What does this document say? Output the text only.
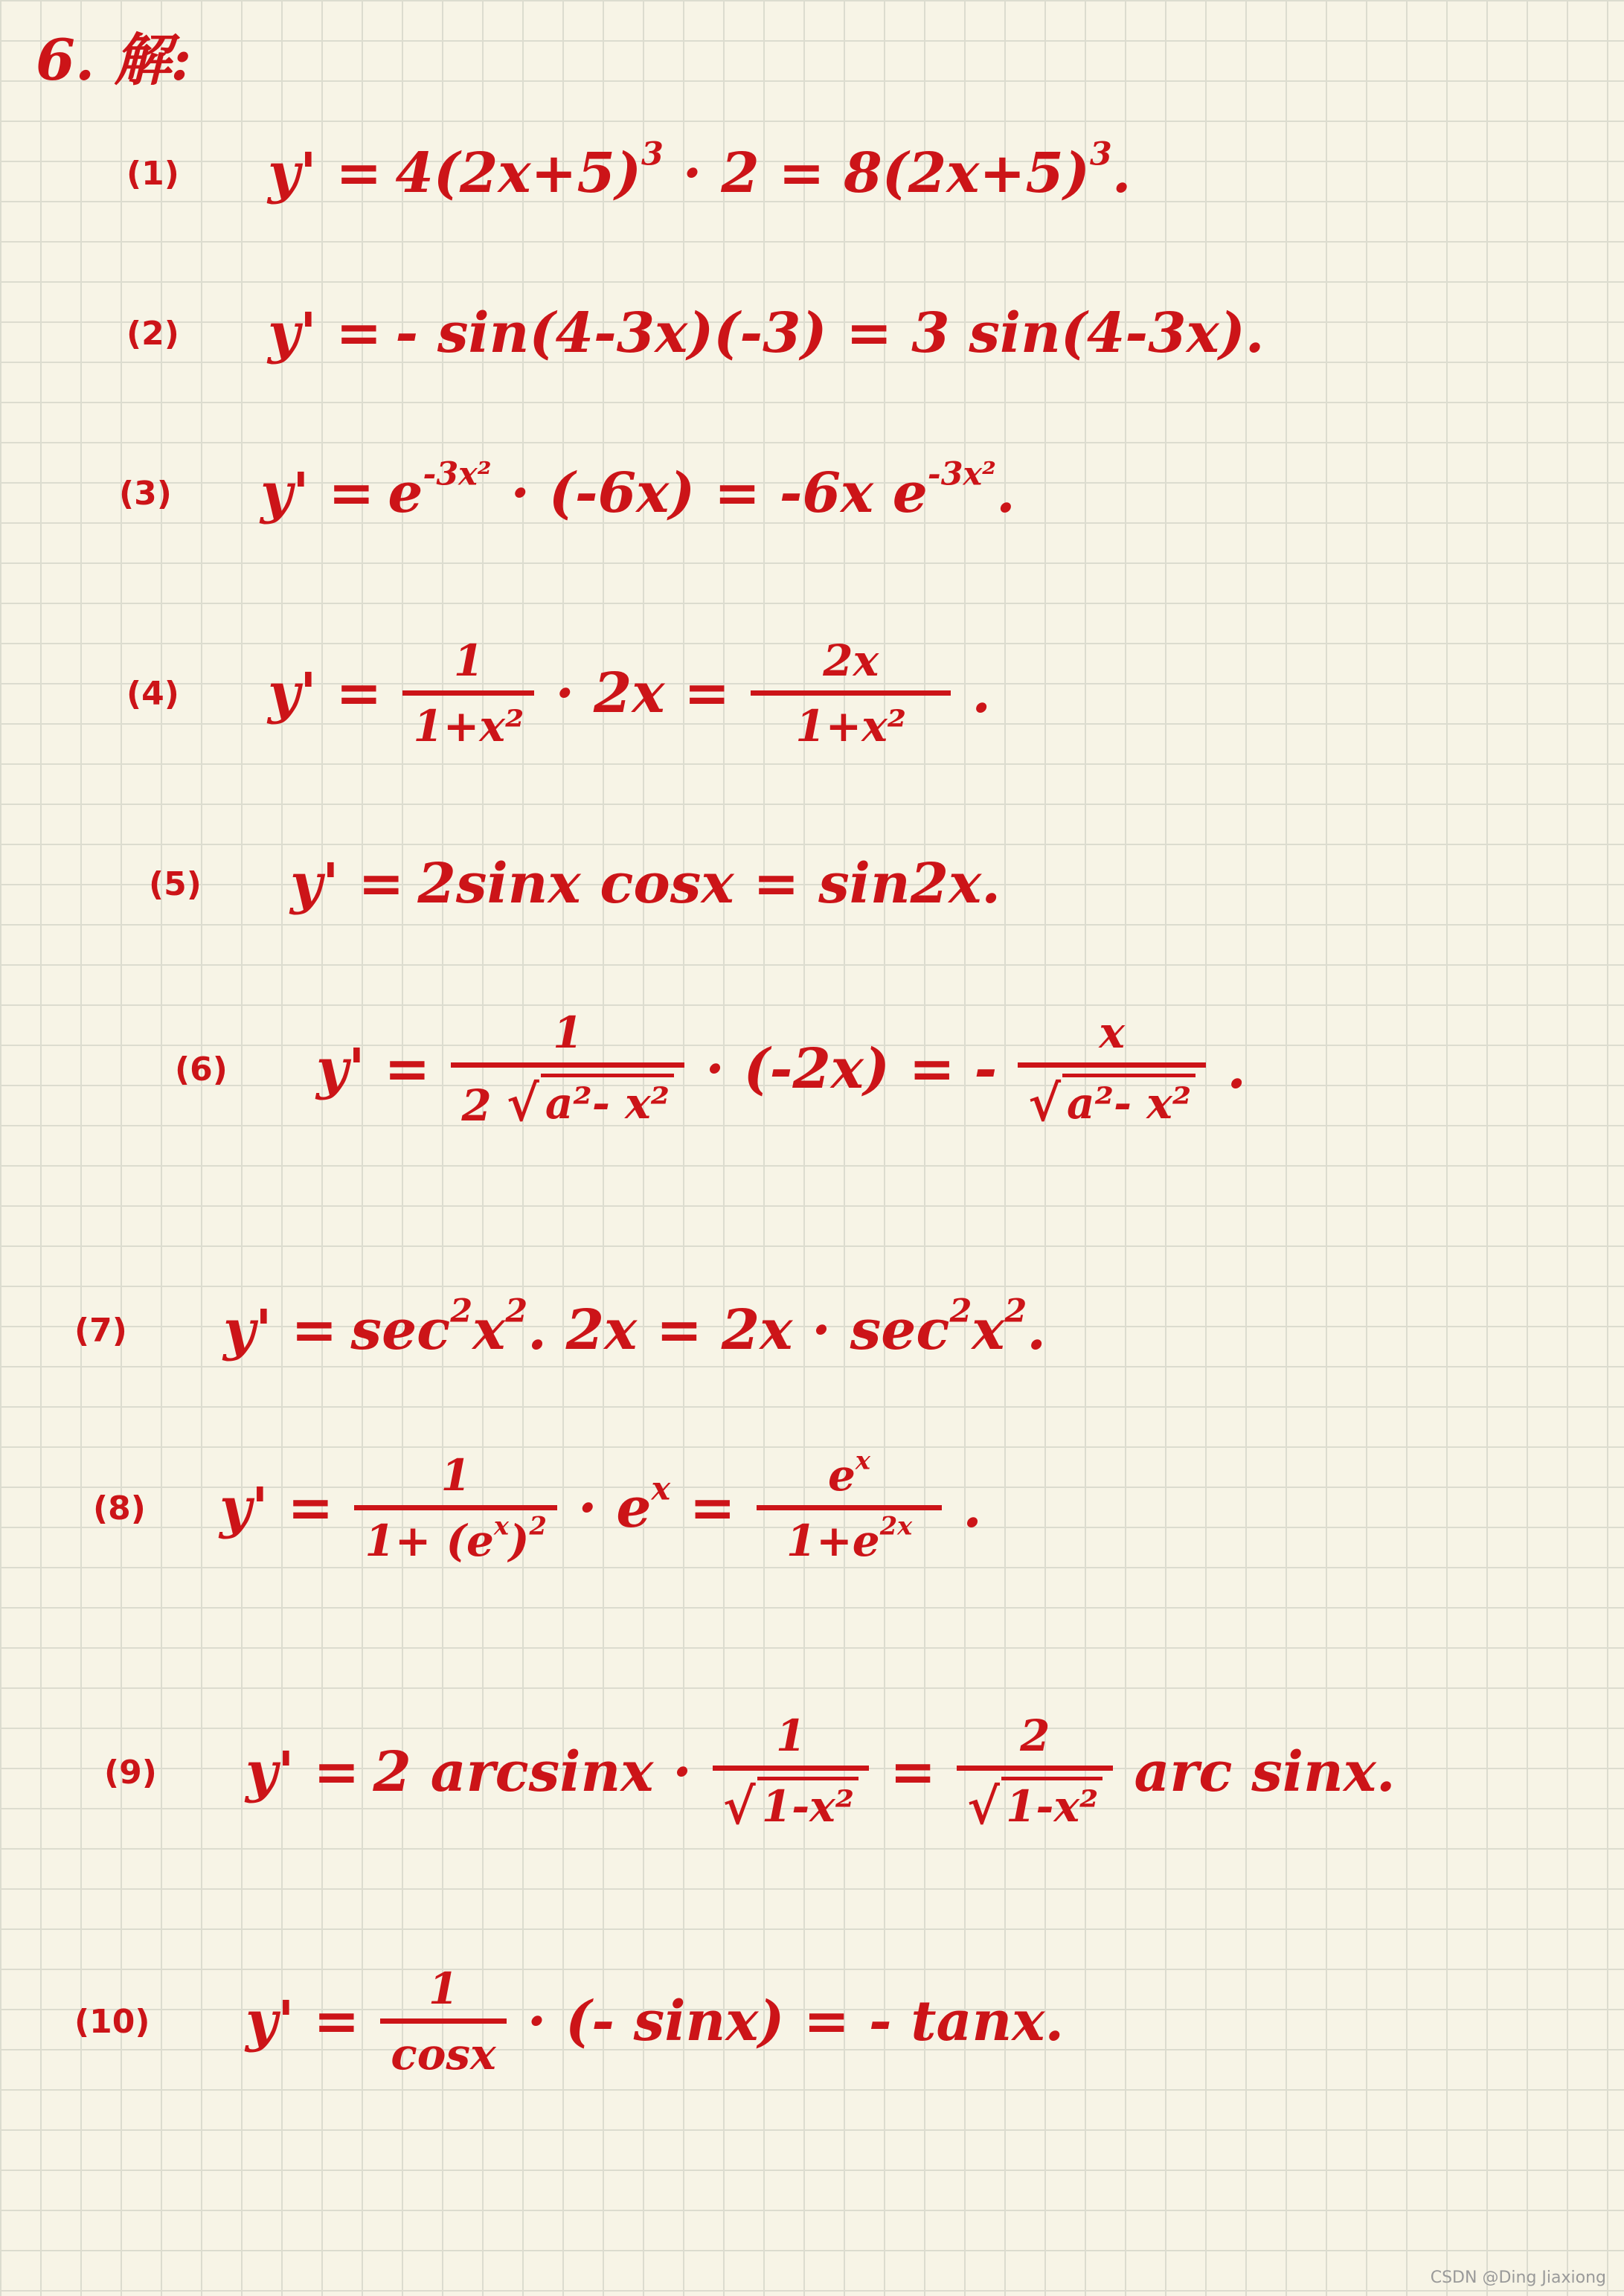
6. 解:
(1)	$y' = 4(2x+5)^3 \cdot 2 = 8(2x+5)^3$.
(2)	y' = - sin(4-3x)(-3) = 3 sin(4-3x).
(3)	$y' = e^{-3x^2} \cdot (-6x) = -6x$ $e^{-3x^2}$.
(4)	$y' = \frac{1}{\text{1+x²}} \cdot 2x = \frac{2x}{\text{1+x²}}$ .
(5)	y' = 2sinx cosx = sin2x.
(6)	$y' = \frac{1}{\text{2 √ a²- x²}} \cdot (-2x)$ = - $\frac{x}{\text{√ a²- x²}}$ .
(7)	$y' = \sec^2x^2$. $2x = 2x \cdot \sec^2x^2$.
(8)	$y' = \frac{1}{1+ (e^x)^2} \cdot e^x = \frac{e^x}{1+e^{2x}}$ .
(9)	y' = 2 $\arcsin x \cdot \frac{1}{\text{√ 1-x²}} = \frac{2}{\text{√ 1-x²}}$ arc sinx.
(10)	$y' = \frac{1}{\cos x}$ · (- sinx) = - tanx.
CSDN @Ding Jiaxiong
